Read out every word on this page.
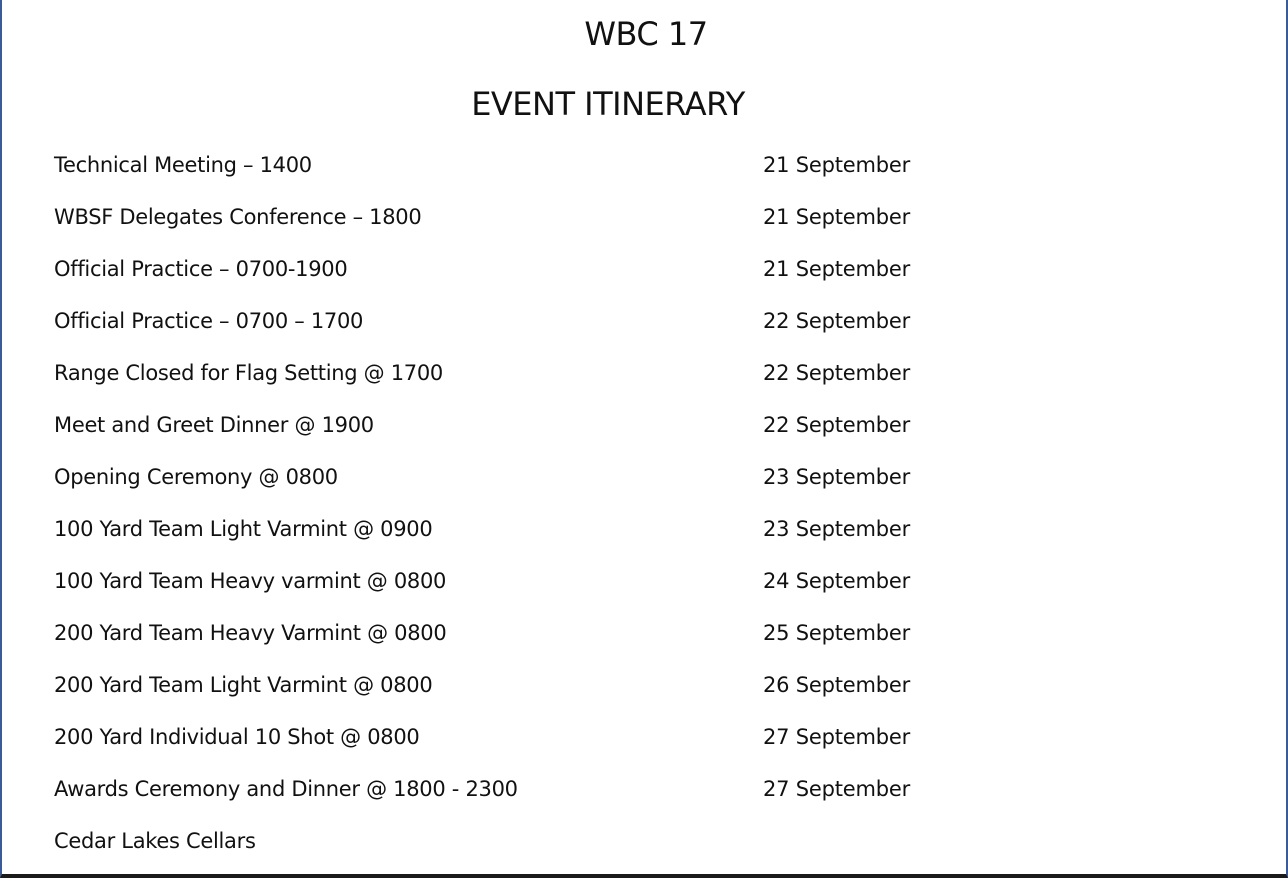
WBC 17
EVENT ITINERARY
Technical Meeting – 1400	21 September
WBSF Delegates Conference – 1800	21 September
Official Practice – 0700-1900	21 September
Official Practice – 0700 – 1700	22 September
Range Closed for Flag Setting @ 1700	22 September
Meet and Greet Dinner @ 1900	22 September
Opening Ceremony @ 0800	23 September
100 Yard Team Light Varmint @ 0900	23 September
100 Yard Team Heavy varmint @ 0800	24 September
200 Yard Team Heavy Varmint @ 0800	25 September
200 Yard Team Light Varmint @ 0800	26 September
200 Yard Individual 10 Shot @ 0800	27 September
Awards Ceremony and Dinner @ 1800 - 2300	27 September
Cedar Lakes Cellars
